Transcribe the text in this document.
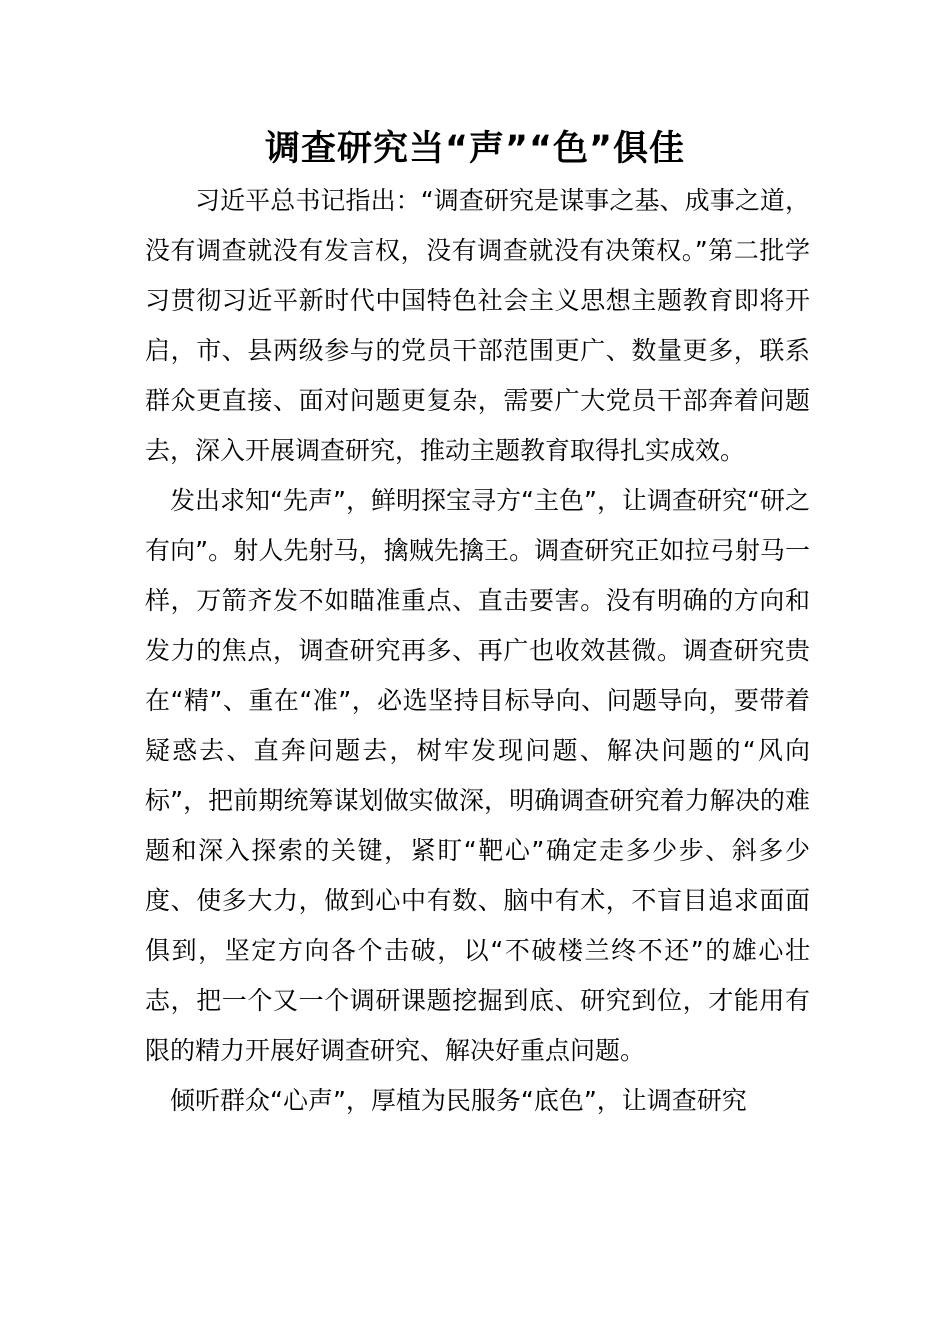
调查研究当“声”“色”俱佳

习近平总书记指出：“调查研究是谋事之基、成事之道，没有调查就没有发言权，没有调查就没有决策权。”第二批学习贯彻习近平新时代中国特色社会主义思想主题教育即将开启，市、县两级参与的党员干部范围更广、数量更多，联系群众更直接、面对问题更复杂，需要广大党员干部奔着问题去，深入开展调查研究，推动主题教育取得扎实成效。

发出求知“先声”，鲜明探宝寻方“主色”，让调查研究“研之有向”。射人先射马，擒贼先擒王。调查研究正如拉弓射马一样，万箭齐发不如瞄准重点、直击要害。没有明确的方向和发力的焦点，调查研究再多、再广也收效甚微。调查研究贵在“精”、重在“准”，必选坚持目标导向、问题导向，要带着疑惑去、直奔问题去，树牢发现问题、解决问题的“风向标”，把前期统筹谋划做实做深，明确调查研究着力解决的难题和深入探索的关键，紧盯“靶心”确定走多少步、斜多少度、使多大力，做到心中有数、脑中有术，不盲目追求面面俱到，坚定方向各个击破，以“不破楼兰终不还”的雄心壮志，把一个又一个调研课题挖掘到底、研究到位，才能用有限的精力开展好调查研究、解决好重点问题。

倾听群众“心声”，厚植为民服务“底色”，让调查研究
